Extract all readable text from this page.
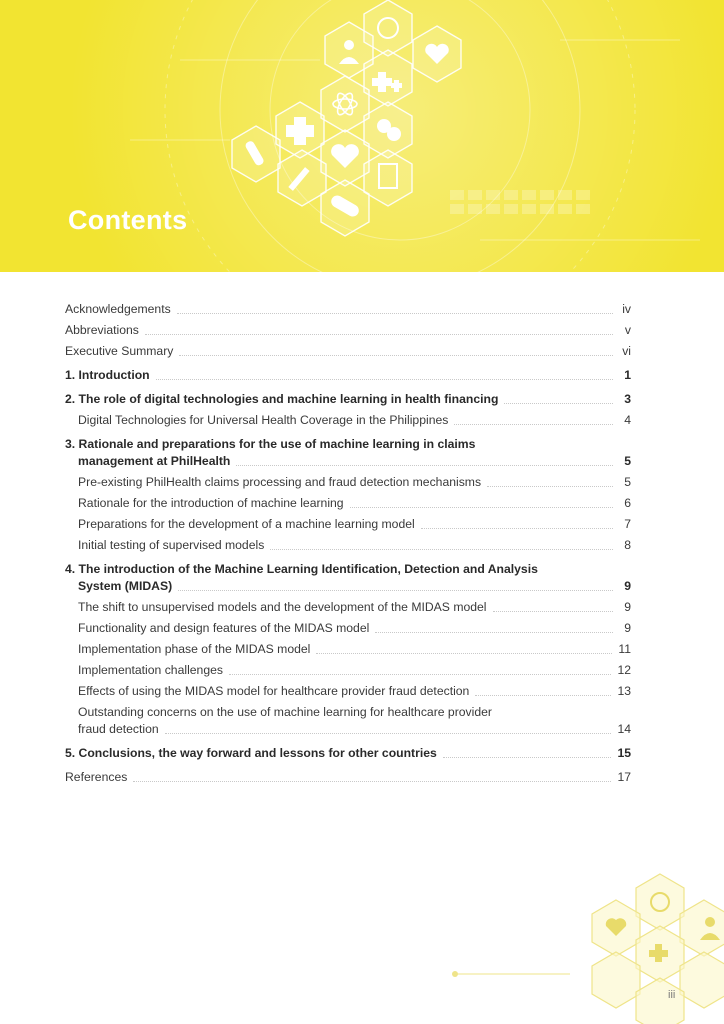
Contents
Acknowledgements	iv
Abbreviations	v
Executive Summary	vi
1. Introduction	1
2. The role of digital technologies and machine learning in health financing	3
Digital Technologies for Universal Health Coverage in the Philippines	4
3. Rationale and preparations for the use of machine learning in claims
management at PhilHealth	5
Pre-existing PhilHealth claims processing and fraud detection mechanisms	5
Rationale for the introduction of machine learning	6
Preparations for the development of a machine learning model	7
Initial testing of supervised models	8
4. The introduction of the Machine Learning Identification, Detection and Analysis
System (MIDAS)	9
The shift to unsupervised models and the development of the MIDAS model	9
Functionality and design features of the MIDAS model	9
Implementation phase of the MIDAS model	11
Implementation challenges	12
Effects of using the MIDAS model for healthcare provider fraud detection	13
Outstanding concerns on the use of machine learning for healthcare provider
fraud detection	14
5. Conclusions, the way forward and lessons for other countries	15
References	17
iii
